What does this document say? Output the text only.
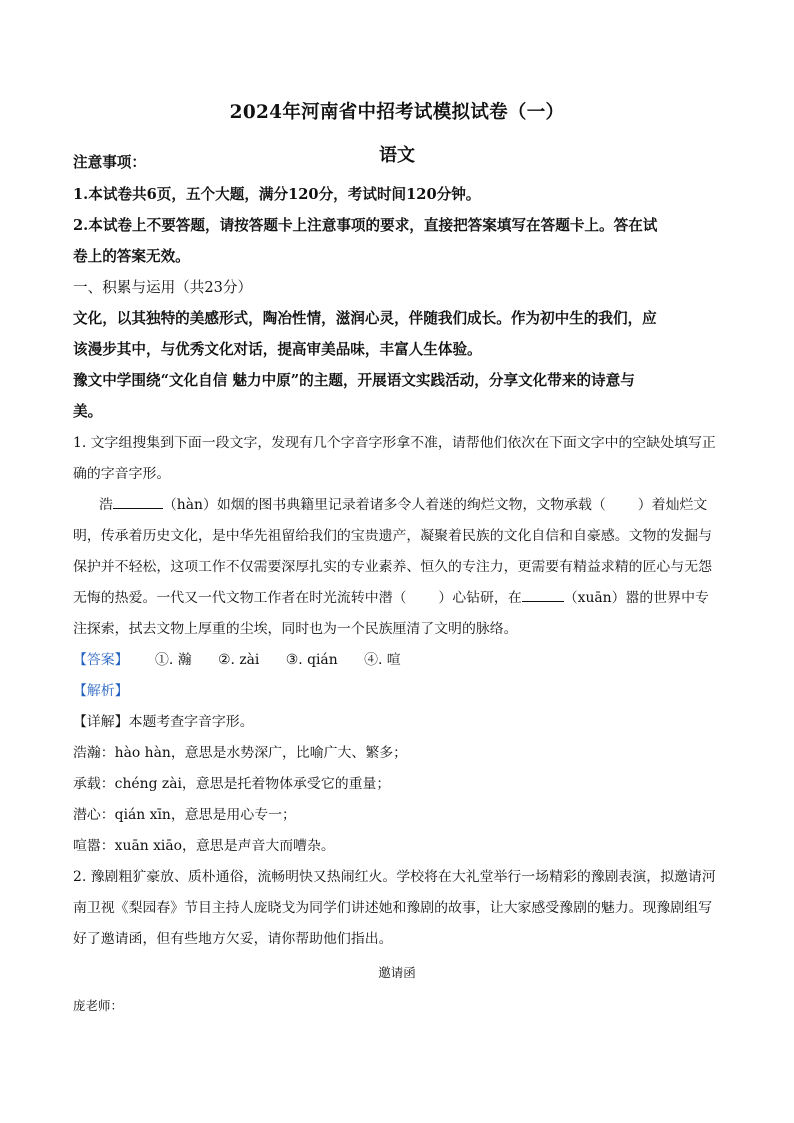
2024年河南省中招考试模拟试卷（一）
语文
注意事项：
1.本试卷共6页，五个大题，满分120分，考试时间120分钟。
2.本试卷上不要答题，请按答题卡上注意事项的要求，直接把答案填写在答题卡上。答在试
卷上的答案无效。
一、积累与运用（共23分）
文化，以其独特的美感形式，陶冶性情，滋润心灵，伴随我们成长。作为初中生的我们，应
该漫步其中，与优秀文化对话，提高审美品味，丰富人生体验。
豫文中学围绕“文化自信 魅力中原”的主题，开展语文实践活动，分享文化带来的诗意与
美。
1. 文字组搜集到下面一段文字，发现有几个字音字形拿不准，请帮他们依次在下面文字中的空缺处填写正
确的字音字形。
浩	（hàn）如烟的图书典籍里记录着诸多令人着迷的绚烂文物，文物承载（ ）着灿烂文
明，传承着历史文化，是中华先祖留给我们的宝贵遗产，凝聚着民族的文化自信和自豪感。文物的发掘与
保护并不轻松，这项工作不仅需要深厚扎实的专业素养、恒久的专注力，更需要有精益求精的匠心与无怨
无悔的热爱。一代又一代文物工作者在时光流转中潜（ ）心钻研，在	（xuān）嚣的世界中专
注探索，拭去文物上厚重的尘埃，同时也为一个民族厘清了文明的脉络。
【答案】 ①. 瀚 ②. zài ③. qián ④. 喧
【解析】
【详解】本题考查字音字形。
浩瀚：hào hàn，意思是水势深广，比喻广大、繁多；
承载：chéng zài，意思是托着物体承受它的重量；
潜心：qián xīn，意思是用心专一；
喧嚣：xuān xiāo，意思是声音大而嘈杂。
2. 豫剧粗犷豪放、质朴通俗，流畅明快又热闹红火。学校将在大礼堂举行一场精彩的豫剧表演，拟邀请河
南卫视《梨园春》节目主持人庞晓戈为同学们讲述她和豫剧的故事，让大家感受豫剧的魅力。现豫剧组写
好了邀请函，但有些地方欠妥，请你帮助他们指出。
邀请函
庞老师：
